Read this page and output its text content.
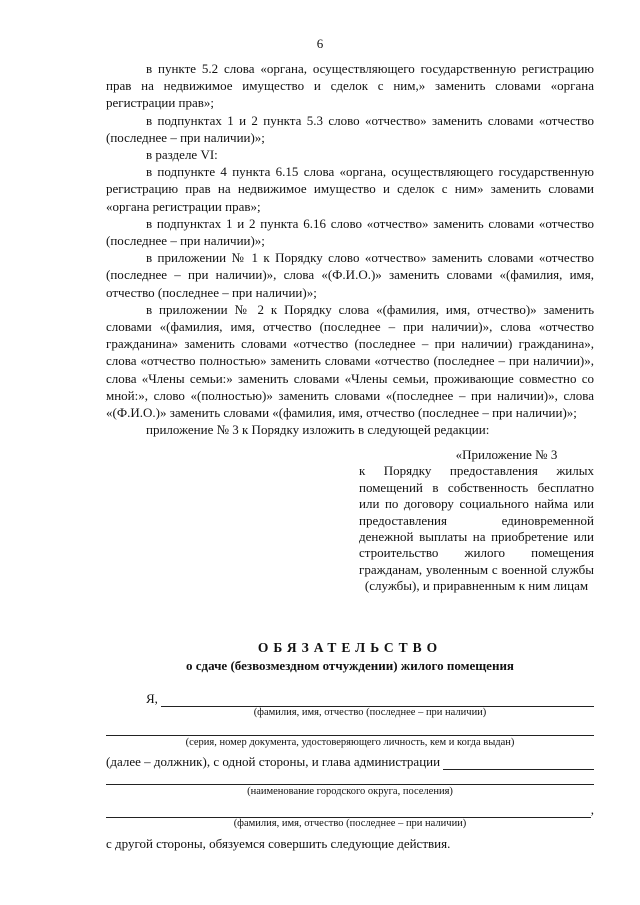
6

в пункте 5.2 слова «органа, осуществляющего государственную регистрацию прав на недвижимое имущество и сделок с ним,» заменить словами «органа регистрации прав»;

в подпунктах 1 и 2 пункта 5.3 слово «отчество» заменить словами «отчество (последнее – при наличии)»;

в разделе VI:

в подпункте 4 пункта 6.15 слова «органа, осуществляющего государственную регистрацию прав на недвижимое имущество и сделок с ним» заменить словами «органа регистрации прав»;

в подпунктах 1 и 2 пункта 6.16 слово «отчество» заменить словами «отчество (последнее – при наличии)»;

в приложении № 1 к Порядку слово «отчество» заменить словами «отчество (последнее – при наличии)», слова «(Ф.И.О.)» заменить словами «(фамилия, имя, отчество (последнее – при наличии)»;

в приложении № 2 к Порядку слова «(фамилия, имя, отчество)» заменить словами «(фамилия, имя, отчество (последнее – при наличии)», слова «отчество гражданина» заменить словами «отчество (последнее – при наличии) гражданина», слова «отчество полностью» заменить словами «отчество (последнее – при наличии)», слова «Члены семьи:» заменить словами «Члены семьи, проживающие совместно со мной:», слово «(полностью)» заменить словами «(последнее – при наличии)», слова «(Ф.И.О.)» заменить словами «(фамилия, имя, отчество (последнее – при наличии)»;

приложение № 3 к Порядку изложить в следующей редакции:

«Приложение № 3
к Порядку предоставления жилых помещений в собственность бесплатно или по договору социального найма или предоставления единовременной денежной выплаты на приобретение или строительство жилого помещения гражданам, уволенным с военной службы (службы), и приравненным к ним лицам
ОБЯЗАТЕЛЬСТВО
о сдаче (безвозмездном отчуждении) жилого помещения
Я,
(фамилия, имя, отчество (последнее – при наличии)
(серия, номер документа, удостоверяющего личность, кем и когда выдан)
(далее – должник), с одной стороны, и глава администрации
(наименование городского округа, поселения)
,
(фамилия, имя, отчество (последнее – при наличии)
с другой стороны, обязуемся совершить следующие действия.
